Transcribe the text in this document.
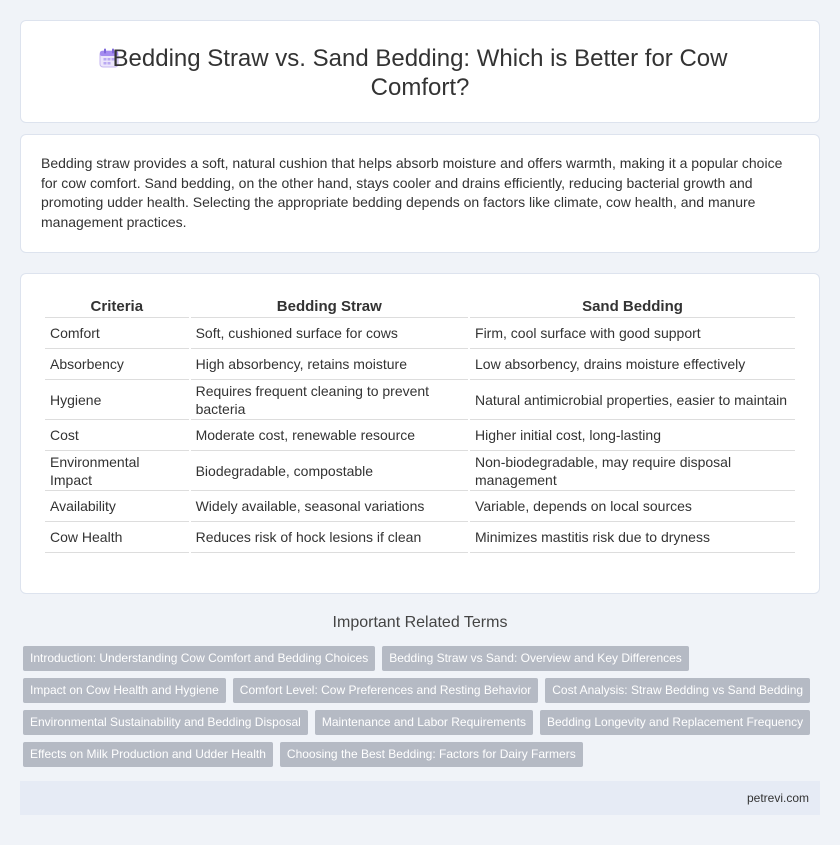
Bedding Straw vs. Sand Bedding: Which is Better for Cow Comfort?

Bedding straw provides a soft, natural cushion that helps absorb moisture and offers warmth, making it a popular choice for cow comfort. Sand bedding, on the other hand, stays cooler and drains efficiently, reducing bacterial growth and promoting udder health. Selecting the appropriate bedding depends on factors like climate, cow health, and manure management practices.

Criteria	Bedding Straw	Sand Bedding
Comfort	Soft, cushioned surface for cows	Firm, cool surface with good support
Absorbency	High absorbency, retains moisture	Low absorbency, drains moisture effectively
Hygiene	Requires frequent cleaning to prevent bacteria	Natural antimicrobial properties, easier to maintain
Cost	Moderate cost, renewable resource	Higher initial cost, long-lasting
Environmental Impact	Biodegradable, compostable	Non-biodegradable, may require disposal management
Availability	Widely available, seasonal variations	Variable, depends on local sources
Cow Health	Reduces risk of hock lesions if clean	Minimizes mastitis risk due to dryness
Important Related Terms
Introduction: Understanding Cow Comfort and Bedding Choices	Bedding Straw vs Sand: Overview and Key Differences
Impact on Cow Health and Hygiene	Comfort Level: Cow Preferences and Resting Behavior	Cost Analysis: Straw Bedding vs Sand Bedding
Environmental Sustainability and Bedding Disposal	Maintenance and Labor Requirements	Bedding Longevity and Replacement Frequency
Effects on Milk Production and Udder Health	Choosing the Best Bedding: Factors for Dairy Farmers
petrevi.com
